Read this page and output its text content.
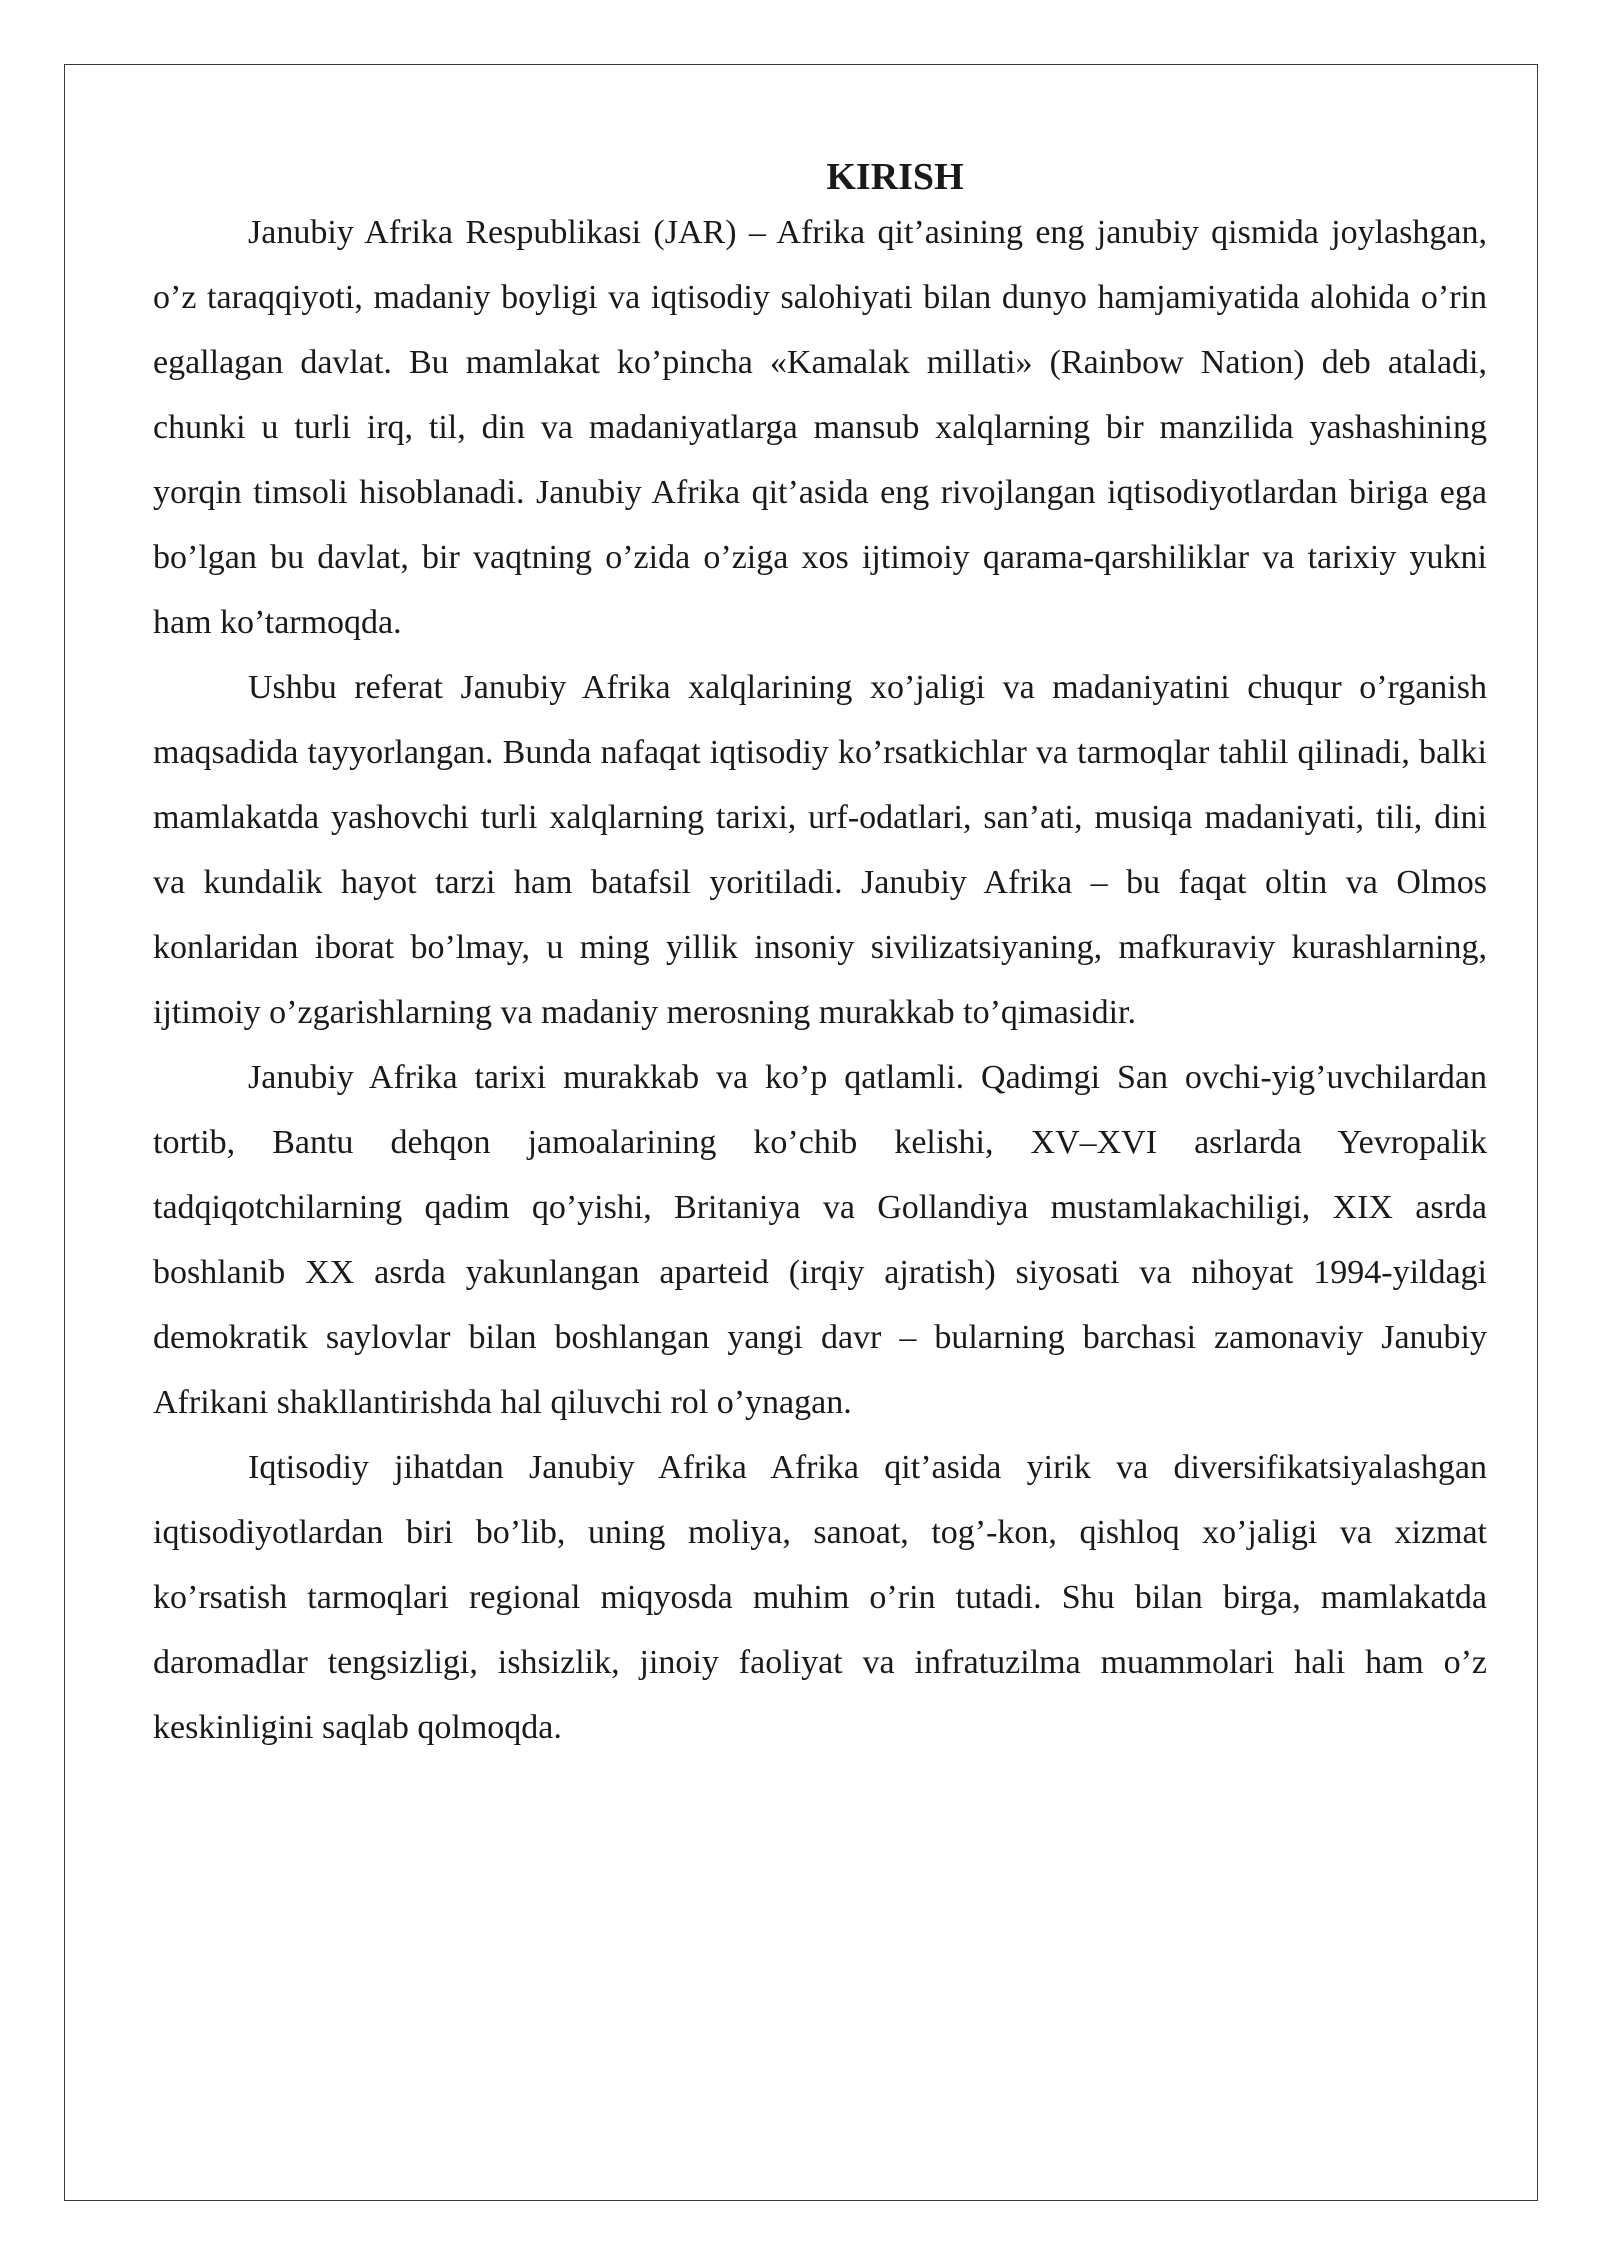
KIRISH

Janubiy Afrika Respublikasi (JAR) – Afrika qit’asining eng janubiy qismida joylashgan, o’z taraqqiyoti, madaniy boyligi va iqtisodiy salohiyati bilan dunyo hamjamiyatida alohida o’rin egallagan davlat. Bu mamlakat ko’pincha «Kamalak millati» (Rainbow Nation) deb ataladi, chunki u turli irq, til, din va madaniyatlarga mansub xalqlarning bir manzilida yashashining yorqin timsoli hisoblanadi. Janubiy Afrika qit’asida eng rivojlangan iqtisodiyotlardan biriga ega bo’lgan bu davlat, bir vaqtning o’zida o’ziga xos ijtimoiy qarama-qarshiliklar va tarixiy yukni ham ko’tarmoqda.

Ushbu referat Janubiy Afrika xalqlarining xo’jaligi va madaniyatini chuqur o’rganish maqsadida tayyorlangan. Bunda nafaqat iqtisodiy ko’rsatkichlar va tarmoqlar tahlil qilinadi, balki mamlakatda yashovchi turli xalqlarning tarixi, urf-odatlari, san’ati, musiqa madaniyati, tili, dini va kundalik hayot tarzi ham batafsil yoritiladi. Janubiy Afrika – bu faqat oltin va Olmos konlaridan iborat bo’lmay, u ming yillik insoniy sivilizatsiyaning, mafkuraviy kurashlarning, ijtimoiy o’zgarishlarning va madaniy merosning murakkab to’qimasidir.

Janubiy Afrika tarixi murakkab va ko’p qatlamli. Qadimgi San ovchi-yig’uvchilardan tortib, Bantu dehqon jamoalarining ko’chib kelishi, XV–XVI asrlarda Yevropalik tadqiqotchilarning qadim qo’yishi, Britaniya va Gollandiya mustamlakachiligi, XIX asrda boshlanib XX asrda yakunlangan aparteid (irqiy ajratish) siyosati va nihoyat 1994-yildagi demokratik saylovlar bilan boshlangan yangi davr – bularning barchasi zamonaviy Janubiy Afrikani shakllantirishda hal qiluvchi rol o’ynagan.

Iqtisodiy jihatdan Janubiy Afrika Afrika qit’asida yirik va diversifikatsiyalashgan iqtisodiyotlardan biri bo’lib, uning moliya, sanoat, tog’-kon, qishloq xo’jaligi va xizmat ko’rsatish tarmoqlari regional miqyosda muhim o’rin tutadi. Shu bilan birga, mamlakatda daromadlar tengsizligi, ishsizlik, jinoiy faoliyat va infratuzilma muammolari hali ham o’z keskinligini saqlab qolmoqda.
